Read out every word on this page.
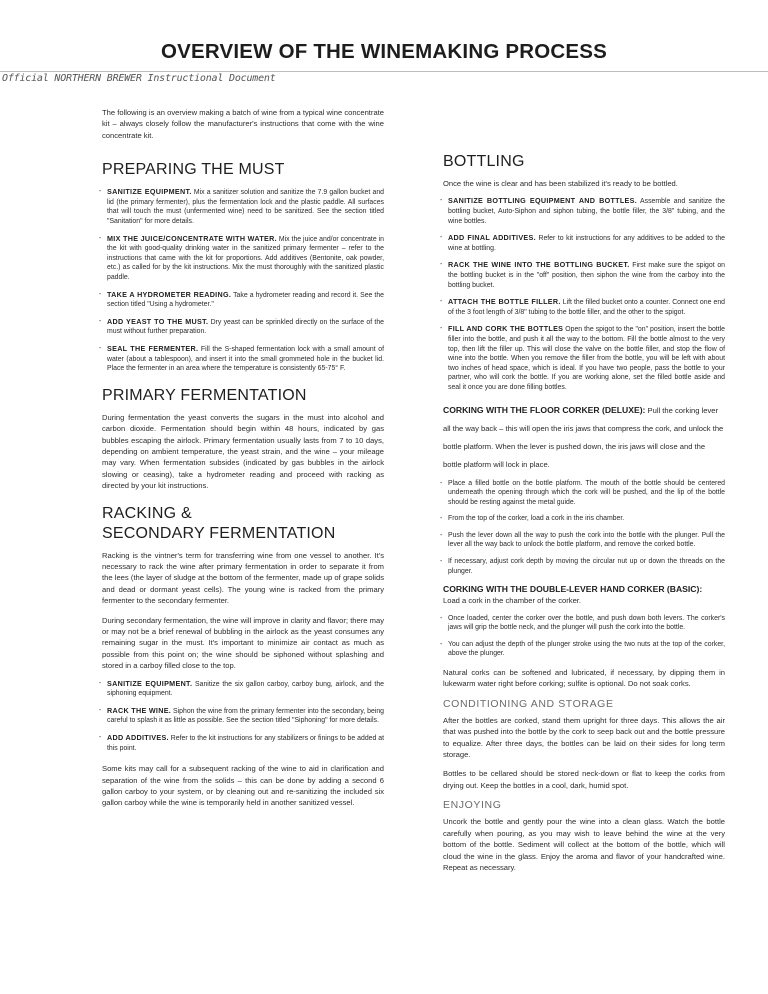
OVERVIEW OF THE WINEMAKING PROCESS
Official NORTHERN BREWER Instructional Document

The following is an overview making a batch of wine from a typical wine concentrate kit – always closely follow the manufacturer's instructions that come with the wine concentrate kit.

PREPARING THE MUST
- SANITIZE EQUIPMENT. Mix a sanitizer solution and sanitize the 7.9 gallon bucket and lid (the primary fermenter), plus the fermentation lock and the plastic paddle. All surfaces that will touch the must (unfermented wine) need to be sanitized. See the section titled "Sanitation" for more details.
- MIX THE JUICE/CONCENTRATE WITH WATER. Mix the juice and/or concentrate in the kit with good-quality drinking water in the sanitized primary fermenter – refer to the instructions that came with the kit for proportions. Add additives (Bentonite, oak powder, etc.) as called for by the kit instructions. Mix the must thoroughly with the sanitized plastic paddle.
- TAKE A HYDROMETER READING. Take a hydrometer reading and record it. See the section titled "Using a hydrometer."
- ADD YEAST TO THE MUST. Dry yeast can be sprinkled directly on the surface of the must without further preparation.
- SEAL THE FERMENTER. Fill the S-shaped fermentation lock with a small amount of water (about a tablespoon), and insert it into the small grommeted hole in the bucket lid. Place the fermenter in an area where the temperature is consistently 65-75° F.
PRIMARY FERMENTATION

During fermentation the yeast converts the sugars in the must into alcohol and carbon dioxide. Fermentation should begin within 48 hours, indicated by gas bubbles escaping the airlock. Primary fermentation usually lasts from 7 to 10 days, depending on ambient temperature, the yeast strain, and the wine – your mileage may vary. When fermentation subsides (indicated by gas bubbles in the airlock slowing or ceasing), take a hydrometer reading and proceed with racking as directed by your kit instructions.

RACKING &
SECONDARY FERMENTATION

Racking is the vintner's term for transferring wine from one vessel to another. It's necessary to rack the wine after primary fermentation in order to separate it from the lees (the layer of sludge at the bottom of the fermenter, made up of grape solids and dead or dormant yeast cells). The young wine is racked from the primary fermenter to the secondary fermenter.

During secondary fermentation, the wine will improve in clarity and flavor; there may or may not be a brief renewal of bubbling in the airlock as the yeast consumes any remaining sugar in the must. It's important to minimize air contact as much as possible from this point on; the wine should be siphoned without splashing and stored in a carboy filled close to the top.

- SANITIZE EQUIPMENT. Sanitize the six gallon carboy, carboy bung, airlock, and the siphoning equipment.
- RACK THE WINE. Siphon the wine from the primary fermenter into the secondary, being careful to splash it as little as possible. See the section titled "Siphoning" for more details.
- ADD ADDITIVES. Refer to the kit instructions for any stabilizers or finings to be added at this point.

Some kits may call for a subsequent racking of the wine to aid in clarification and separation of the wine from the solids – this can be done by adding a second 6 gallon carboy to your system, or by cleaning out and re-sanitizing the included six gallon carboy while the wine is temporarily held in another sanitized vessel.

BOTTLING

Once the wine is clear and has been stabilized it's ready to be bottled.

- SANITIZE BOTTLING EQUIPMENT AND BOTTLES. Assemble and sanitize the bottling bucket, Auto-Siphon and siphon tubing, the bottle filler, the 3/8" tubing, and the wine bottles.
- ADD FINAL ADDITIVES. Refer to kit instructions for any additives to be added to the wine at bottling.
- RACK THE WINE INTO THE BOTTLING BUCKET. First make sure the spigot on the bottling bucket is in the "off" position, then siphon the wine from the carboy into the bottling bucket.
- ATTACH THE BOTTLE FILLER. Lift the filled bucket onto a counter. Connect one end of the 3 foot length of 3/8" tubing to the bottle filler, and the other to the spigot.
- FILL AND CORK THE BOTTLES Open the spigot to the "on" position, insert the bottle filler into the bottle, and push it all the way to the bottom. Fill the bottle almost to the very top, then lift the filler up. This will close the valve on the bottle filler, and stop the flow of wine into the bottle. When you remove the filler from the bottle, you will be left with about two inches of head space, which is ideal. If you have two people, pass the bottle to your partner, who will cork the bottle. If you are working alone, set the filled bottle aside and seal it once you are done filling bottles.

CORKING WITH THE FLOOR CORKER (DELUXE): Pull the corking lever all the way back – this will open the iris jaws that compress the cork, and unlock the bottle platform. When the lever is pushed down, the iris jaws will close and the bottle platform will lock in place.

- Place a filled bottle on the bottle platform. The mouth of the bottle should be centered underneath the opening through which the cork will be pushed, and the lip of the bottle should be resting against the metal guide.
- From the top of the corker, load a cork in the iris chamber.
- Push the lever down all the way to push the cork into the bottle with the plunger. Pull the lever all the way back to unlock the bottle platform, and remove the corked bottle.
- If necessary, adjust cork depth by moving the circular nut up or down the threads on the plunger.
CORKING WITH THE DOUBLE-LEVER HAND CORKER (BASIC):

Load a cork in the chamber of the corker.

- Once loaded, center the corker over the bottle, and push down both levers. The corker's jaws will grip the bottle neck, and the plunger will push the cork into the bottle.
- You can adjust the depth of the plunger stroke using the two nuts at the top of the corker, above the plunger.

Natural corks can be softened and lubricated, if necessary, by dipping them in lukewarm water right before corking; sulfite is optional. Do not soak corks.

CONDITIONING AND STORAGE

After the bottles are corked, stand them upright for three days. This allows the air that was pushed into the bottle by the cork to seep back out and the bottle pressure to equalize. After three days, the bottles can be laid on their sides for long term storage.

Bottles to be cellared should be stored neck-down or flat to keep the corks from drying out. Keep the bottles in a cool, dark, humid spot.

ENJOYING

Uncork the bottle and gently pour the wine into a clean glass. Watch the bottle carefully when pouring, as you may wish to leave behind the wine at the very bottom of the bottle. Sediment will collect at the bottom of the bottle, which will cloud the wine in the glass. Enjoy the aroma and flavor of your handcrafted wine. Repeat as necessary.
